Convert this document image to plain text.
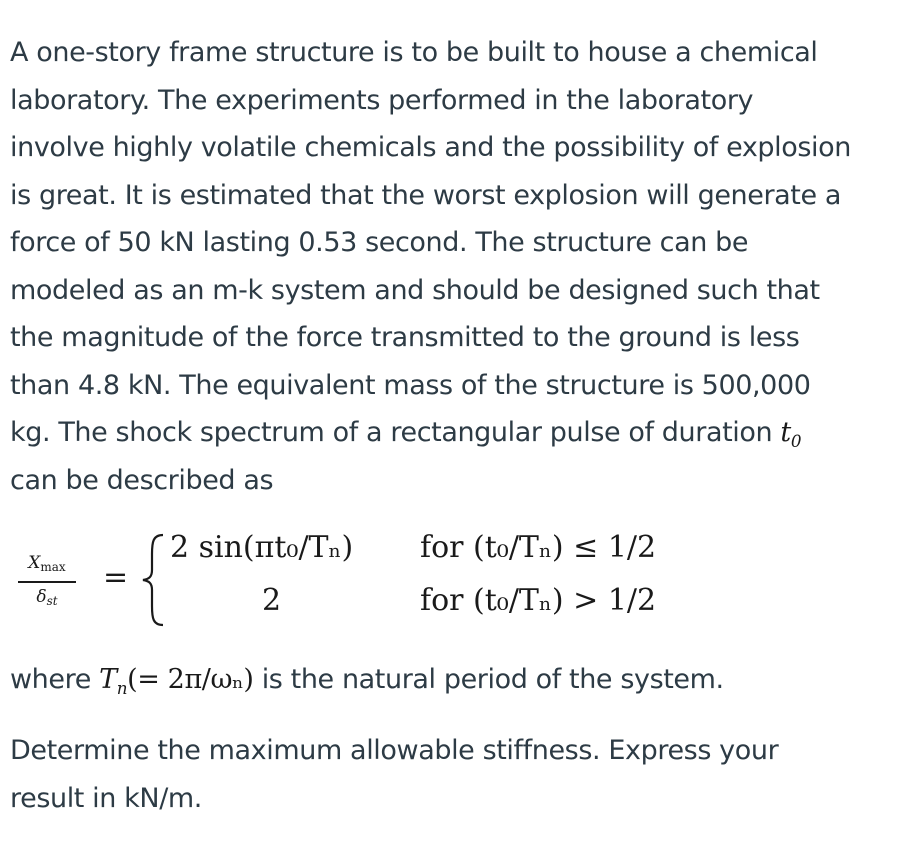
A one-story frame structure is to be built to house a chemical
laboratory. The experiments performed in the laboratory
involve highly volatile chemicals and the possibility of explosion
is great. It is estimated that the worst explosion will generate a
force of 50 kN lasting 0.53 second. The structure can be
modeled as an m-k system and should be designed such that
the magnitude of the force transmitted to the ground is less
than 4.8 kN. The equivalent mass of the structure is 500,000
kg. The shock spectrum of a rectangular pulse of duration $t_0$
can be described as
$X_{max}$
$\delta_{st}$
=
2 sin(πt₀/Tₙ) for (t₀/Tₙ) ≤ 1/2
2	for (t₀/Tₙ) > 1/2
where $T_n(= 2\pi/\omega_n)$ is the natural period of the system.
Determine the maximum allowable stiffness. Express your
result in kN/m.
